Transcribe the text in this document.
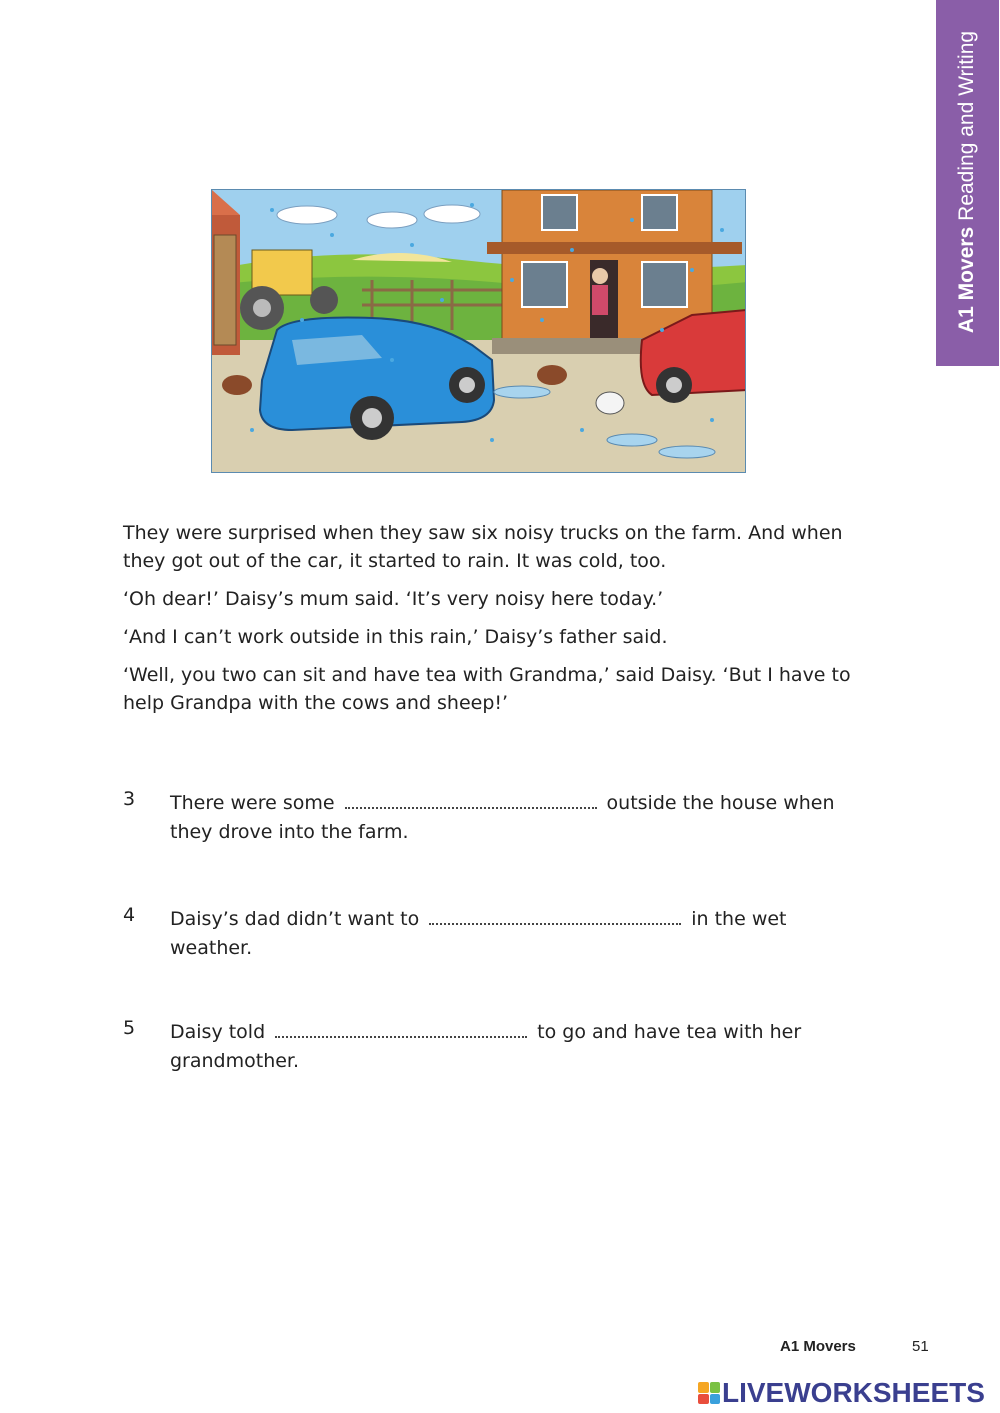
A1 MoversReading and Writing

They were surprised when they saw six noisy trucks on the farm. And when they got out of the car, it started to rain. It was cold, too.

‘Oh dear!’ Daisy’s mum said. ‘It’s very noisy here today.’

‘And I can’t work outside in this rain,’ Daisy’s father said.

‘Well, you two can sit and have tea with Grandma,’ said Daisy. ‘But I have to help Grandpa with the cows and sheep!’

3 There were some	outside the house when they drove into the farm.
4 Daisy’s dad didn’t want to	in the wet weather.
5 Daisy told	to go and have tea with her grandmother.
A1 Movers	51
LIVEWORKSHEETS
